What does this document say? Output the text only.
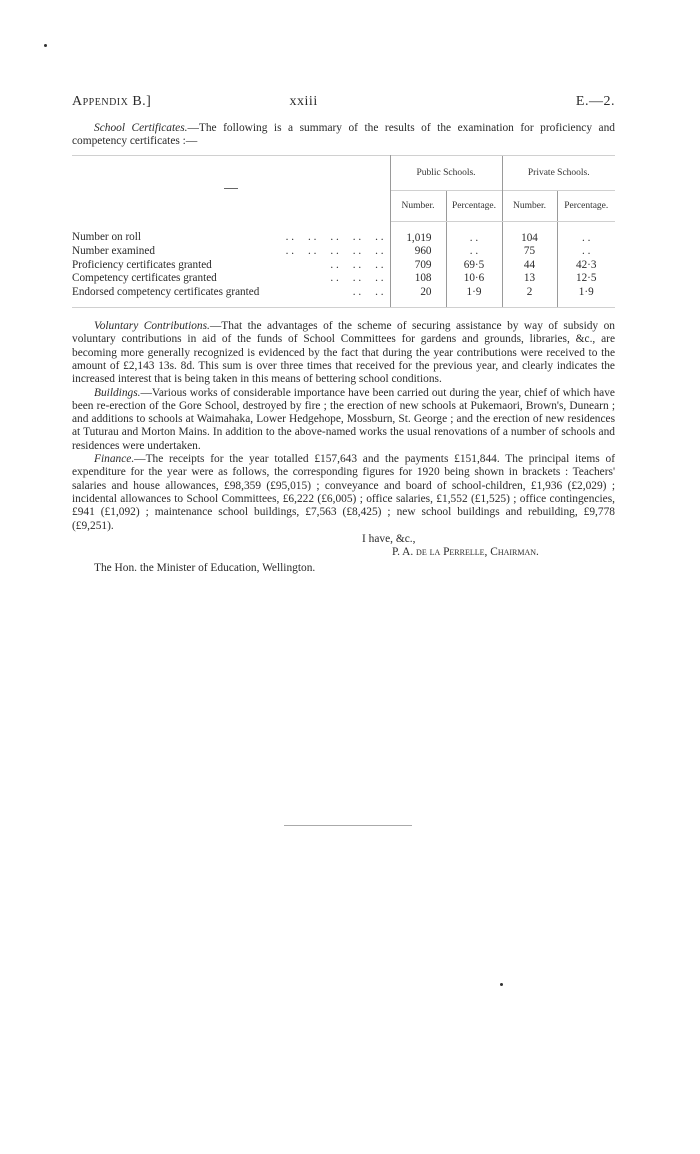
Appendix B.]	xxiii	E.—2.

School Certificates.—The following is a summary of the results of the examination for proficiency and competency certificates :—

	Public Schools.		Private Schools.	
	Number.	Percentage.	Number.	Percentage.
Number on roll . .     . .     . .     . .     . .	1,019	. .	104	. .
Number examined . .     . .     . .     . .     . .	960	. .	75	. .
Proficiency certificates granted . .     . .     . .	709	69·5	44	42·3
Competency certificates granted . .     . .     . .	108	10·6	13	12·5
Endorsed competency certificates granted . .     . .	20	1·9	2	1·9

Voluntary Contributions.—That the advantages of the scheme of securing assistance by way of subsidy on voluntary contributions in aid of the funds of School Committees for gardens and grounds, libraries, &c., are becoming more generally recognized is evidenced by the fact that during the year contributions were received to the amount of £2,143 13s. 8d. This sum is over three times that received for the previous year, and clearly indicates the increased interest that is being taken in this means of bettering school conditions.

Buildings.—Various works of considerable importance have been carried out during the year, chief of which have been re-erection of the Gore School, destroyed by fire ; the erection of new schools at Pukemaori, Brown's, Dunearn ; and additions to schools at Waimahaka, Lower Hedgehope, Mossburn, St. George ; and the erection of new residences at Tuturau and Morton Mains. In addition to the above-named works the usual renovations of a number of schools and residences were undertaken.

Finance.—The receipts for the year totalled £157,643 and the payments £151,844. The principal items of expenditure for the year were as follows, the corresponding figures for 1920 being shown in brackets : Teachers' salaries and house allowances, £98,359 (£95,015) ; conveyance and board of school-children, £1,936 (£2,029) ; incidental allowances to School Committees, £6,222 (£6,005) ; office salaries, £1,552 (£1,525) ; office contingencies, £941 (£1,092) ; maintenance school buildings, £7,563 (£8,425) ; new school buildings and rebuilding, £9,778 (£9,251).

I have, &c.,
P. A. de la Perrelle, Chairman.
The Hon. the Minister of Education, Wellington.
